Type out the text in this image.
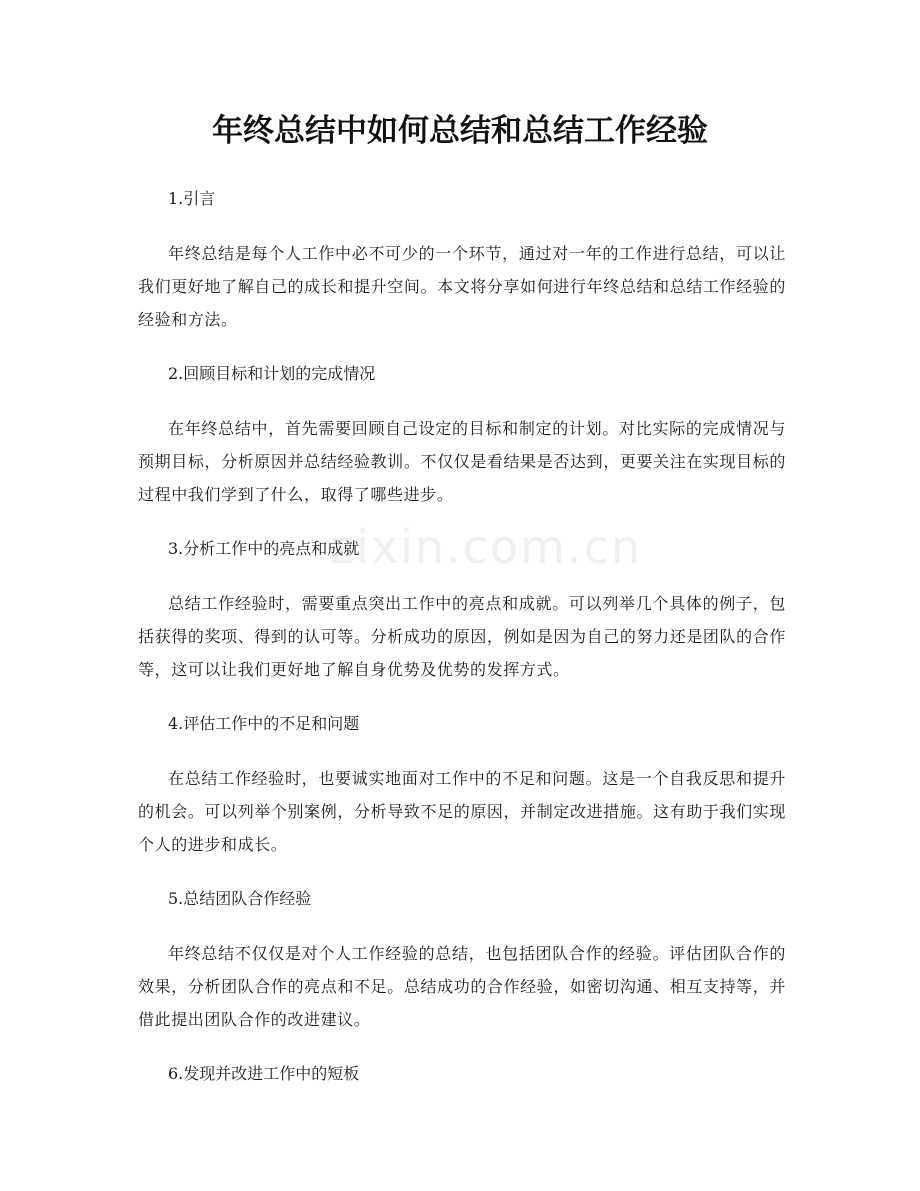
zixin.com.cn
年终总结中如何总结和总结工作经验

1.引言

年终总结是每个人工作中必不可少的一个环节，通过对一年的工作进行总结，可以让我们更好地了解自己的成长和提升空间。本文将分享如何进行年终总结和总结工作经验的经验和方法。

2.回顾目标和计划的完成情况

在年终总结中，首先需要回顾自己设定的目标和制定的计划。对比实际的完成情况与预期目标，分析原因并总结经验教训。不仅仅是看结果是否达到，更要关注在实现目标的过程中我们学到了什么，取得了哪些进步。

3.分析工作中的亮点和成就

总结工作经验时，需要重点突出工作中的亮点和成就。可以列举几个具体的例子，包括获得的奖项、得到的认可等。分析成功的原因，例如是因为自己的努力还是团队的合作等，这可以让我们更好地了解自身优势及优势的发挥方式。

4.评估工作中的不足和问题

在总结工作经验时，也要诚实地面对工作中的不足和问题。这是一个自我反思和提升的机会。可以列举个别案例，分析导致不足的原因，并制定改进措施。这有助于我们实现个人的进步和成长。

5.总结团队合作经验

年终总结不仅仅是对个人工作经验的总结，也包括团队合作的经验。评估团队合作的效果，分析团队合作的亮点和不足。总结成功的合作经验，如密切沟通、相互支持等，并借此提出团队合作的改进建议。

6.发现并改进工作中的短板
